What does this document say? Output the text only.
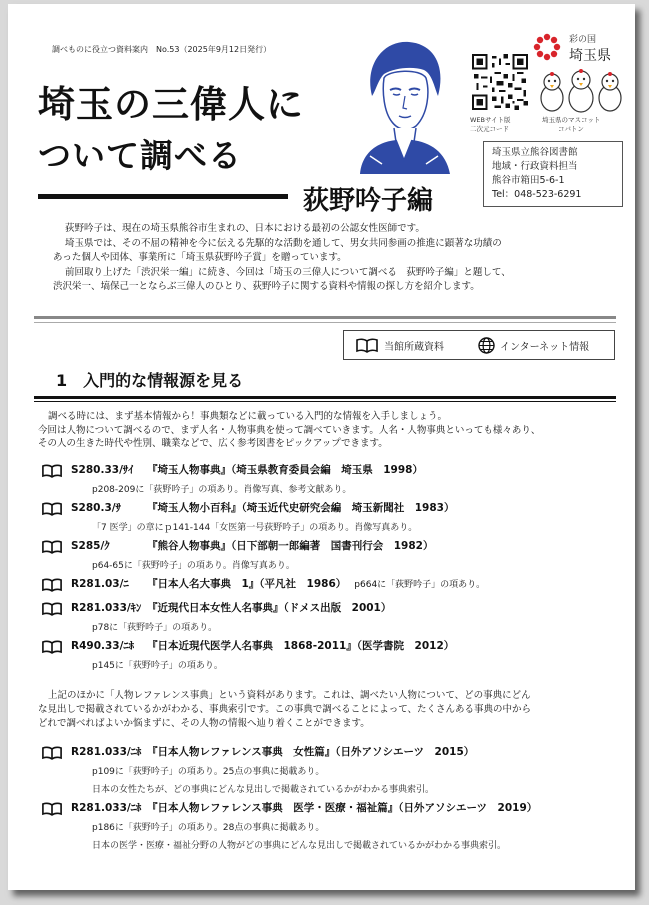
調べものに役立つ資料案内　No.53（2025年9月12日発行）
埼玉の三偉人に
ついて調べる
荻野吟子編
WEBサイト版
二次元コード
埼玉県のマスコット
コバトン
彩の国
埼玉県
埼玉県立熊谷図書館
地域・行政資料担当
熊谷市箱田5-6-1
Tel：048-523-6291

荻野吟子は、現在の埼玉県熊谷市生まれの、日本における最初の公認女性医師です。

埼玉県では、その不屈の精神を今に伝える先駆的な活動を通して、男女共同参画の推進に顕著な功績の

あった個人や団体、事業所に「埼玉県荻野吟子賞」を贈っています。

前回取り上げた「渋沢栄一編」に続き、今回は「埼玉の三偉人について調べる　荻野吟子編」と題して、

渋沢栄一、塙保己一とならぶ三偉人のひとり、荻野吟子に関する資料や情報の探し方を紹介します。

当館所蔵資料	インターネット情報
1　入門的な情報源を見る

調べる時には、まず基本情報から！事典類などに載っている入門的な情報を入手しましょう。

今回は人物について調べるので、まず人名・人物事典を使って調べていきます。人名・人物事典といっても様々あり、

その人の生きた時代や性別、職業などで、広く参考図書をピックアップできます。

S280.33/ｻｲ 『埼玉人物事典』（埼玉県教育委員会編　埼玉県　1998）
p208-209に「荻野吟子」の項あり。肖像写真、参考文献あり。
S280.3/ｻ 『埼玉人物小百科』（埼玉近代史研究会編　埼玉新聞社　1983）
「7 医学」の章にｐ141-144「女医第一号荻野吟子」の項あり。肖像写真あり。
S285/ｸ	『熊谷人物事典』（日下部朝一郎編著　国書刊行会　1982）
p64-65に「荻野吟子」の項あり。肖像写真あり。
R281.03/ﾆ 『日本人名大事典　1』（平凡社　1986） p664に「荻野吟子」の項あり。
R281.033/ｷﾝ 『近現代日本女性人名事典』（ドメス出版　2001）
p78に「荻野吟子」の項あり。
R490.33/ﾆﾎ 『日本近現代医学人名事典　1868-2011』（医学書院　2012）
p145に「荻野吟子」の項あり。

上記のほかに「人物レファレンス事典」という資料があります。これは、調べたい人物について、どの事典にどん

な見出しで掲載されているかがわかる、事典索引です。この事典で調べることによって、たくさんある事典の中から

どれで調べればよいか悩まずに、その人物の情報へ辿り着くことができます。

R281.033/ﾆﾎ 『日本人物レファレンス事典　女性篇』（日外アソシエーツ　2015）
p109に「荻野吟子」の項あり。25点の事典に掲載あり。
日本の女性たちが、どの事典にどんな見出しで掲載されているかがわかる事典索引。
R281.033/ﾆﾎ 『日本人物レファレンス事典　医学・医療・福祉篇』（日外アソシエーツ　2019）
p186に「荻野吟子」の項あり。28点の事典に掲載あり。
日本の医学・医療・福祉分野の人物がどの事典にどんな見出しで掲載されているかがわかる事典索引。
